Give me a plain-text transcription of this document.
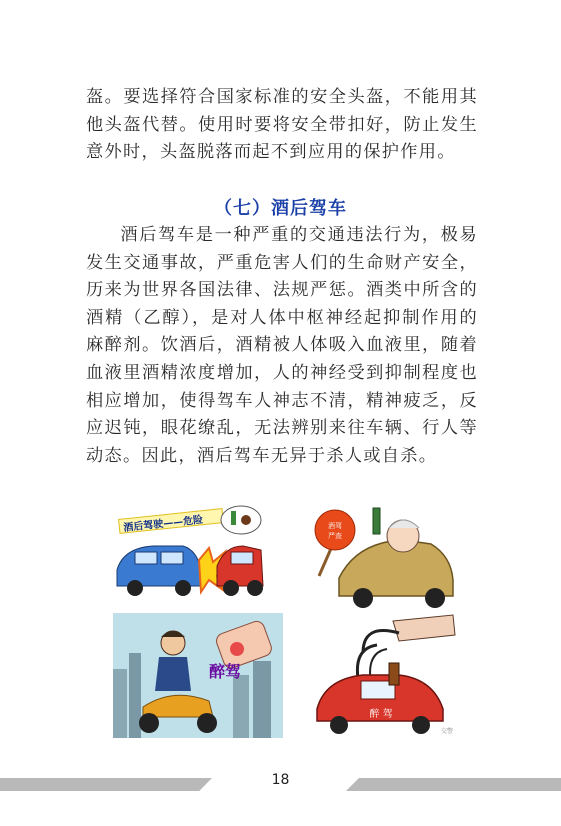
盔。要选择符合国家标准的安全头盔，不能用其他头盔代替。使用时要将安全带扣好，防止发生意外时，头盔脱落而起不到应用的保护作用。

（七）酒后驾车

酒后驾车是一种严重的交通违法行为，极易发生交通事故，严重危害人们的生命财产安全，历来为世界各国法律、法规严惩。酒类中所含的酒精（乙醇），是对人体中枢神经起抑制作用的麻醉剂。饮酒后，酒精被人体吸入血液里，随着血液里酒精浓度增加，人的神经受到抑制程度也相应增加，使得驾车人神志不清，精神疲乏，反应迟钝，眼花缭乱，无法辨别来往车辆、行人等动态。因此，酒后驾车无异于杀人或自杀。

酒后驾驶——危险	酒驾
严查
醉驾
醉 驾
交警
18
